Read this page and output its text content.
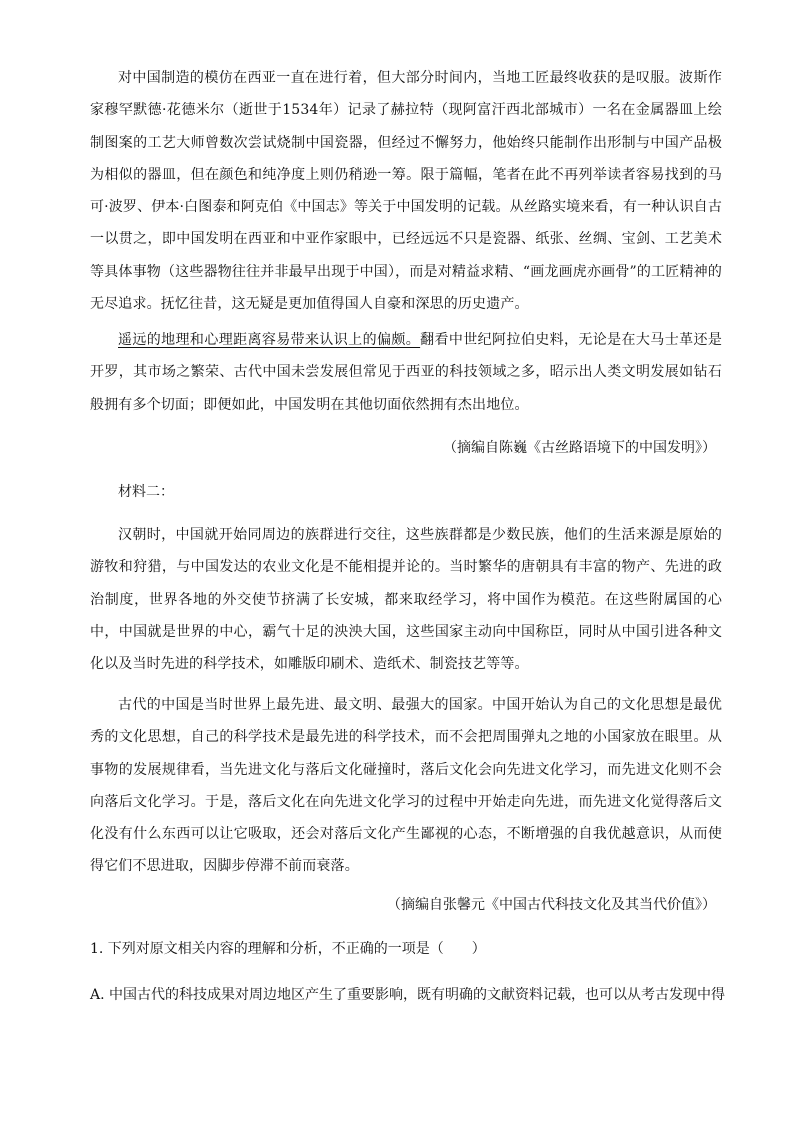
对中国制造的模仿在西亚一直在进行着，但大部分时间内，当地工匠最终收获的是叹服。波斯作家穆罕默德·花德米尔（逝世于1534年）记录了赫拉特（现阿富汗西北部城市）一名在金属器皿上绘制图案的工艺大师曾数次尝试烧制中国瓷器，但经过不懈努力，他始终只能制作出形制与中国产品极为相似的器皿，但在颜色和纯净度上则仍稍逊一筹。限于篇幅，笔者在此不再列举读者容易找到的马可·波罗、伊本·白图泰和阿克伯《中国志》等关于中国发明的记载。从丝路实境来看，有一种认识自古一以贯之，即中国发明在西亚和中亚作家眼中，已经远远不只是瓷器、纸张、丝绸、宝剑、工艺美术等具体事物（这些器物往往并非最早出现于中国），而是对精益求精、“画龙画虎亦画骨”的工匠精神的无尽追求。抚忆往昔，这无疑是更加值得国人自豪和深思的历史遗产。

遥远的地理和心理距离容易带来认识上的偏颇。翻看中世纪阿拉伯史料，无论是在大马士革还是开罗，其市场之繁荣、古代中国未尝发展但常见于西亚的科技领域之多，昭示出人类文明发展如钻石般拥有多个切面；即便如此，中国发明在其他切面依然拥有杰出地位。

（摘编自陈巍《古丝路语境下的中国发明》）

材料二：

汉朝时，中国就开始同周边的族群进行交往，这些族群都是少数民族，他们的生活来源是原始的游牧和狩猎，与中国发达的农业文化是不能相提并论的。当时繁华的唐朝具有丰富的物产、先进的政治制度，世界各地的外交使节挤满了长安城，都来取经学习，将中国作为模范。在这些附属国的心中，中国就是世界的中心，霸气十足的泱泱大国，这些国家主动向中国称臣，同时从中国引进各种文化以及当时先进的科学技术，如雕版印刷术、造纸术、制瓷技艺等等。

古代的中国是当时世界上最先进、最文明、最强大的国家。中国开始认为自己的文化思想是最优秀的文化思想，自己的科学技术是最先进的科学技术，而不会把周围弹丸之地的小国家放在眼里。从事物的发展规律看，当先进文化与落后文化碰撞时，落后文化会向先进文化学习，而先进文化则不会向落后文化学习。于是，落后文化在向先进文化学习的过程中开始走向先进，而先进文化觉得落后文化没有什么东西可以让它吸取，还会对落后文化产生鄙视的心态，不断增强的自我优越意识，从而使得它们不思进取，因脚步停滞不前而衰落。

（摘编自张馨元《中国古代科技文化及其当代价值》）

1. 下列对原文相关内容的理解和分析，不正确的一项是（　　）

A. 中国古代的科技成果对周边地区产生了重要影响，既有明确的文献资料记载，也可以从考古发现中得
